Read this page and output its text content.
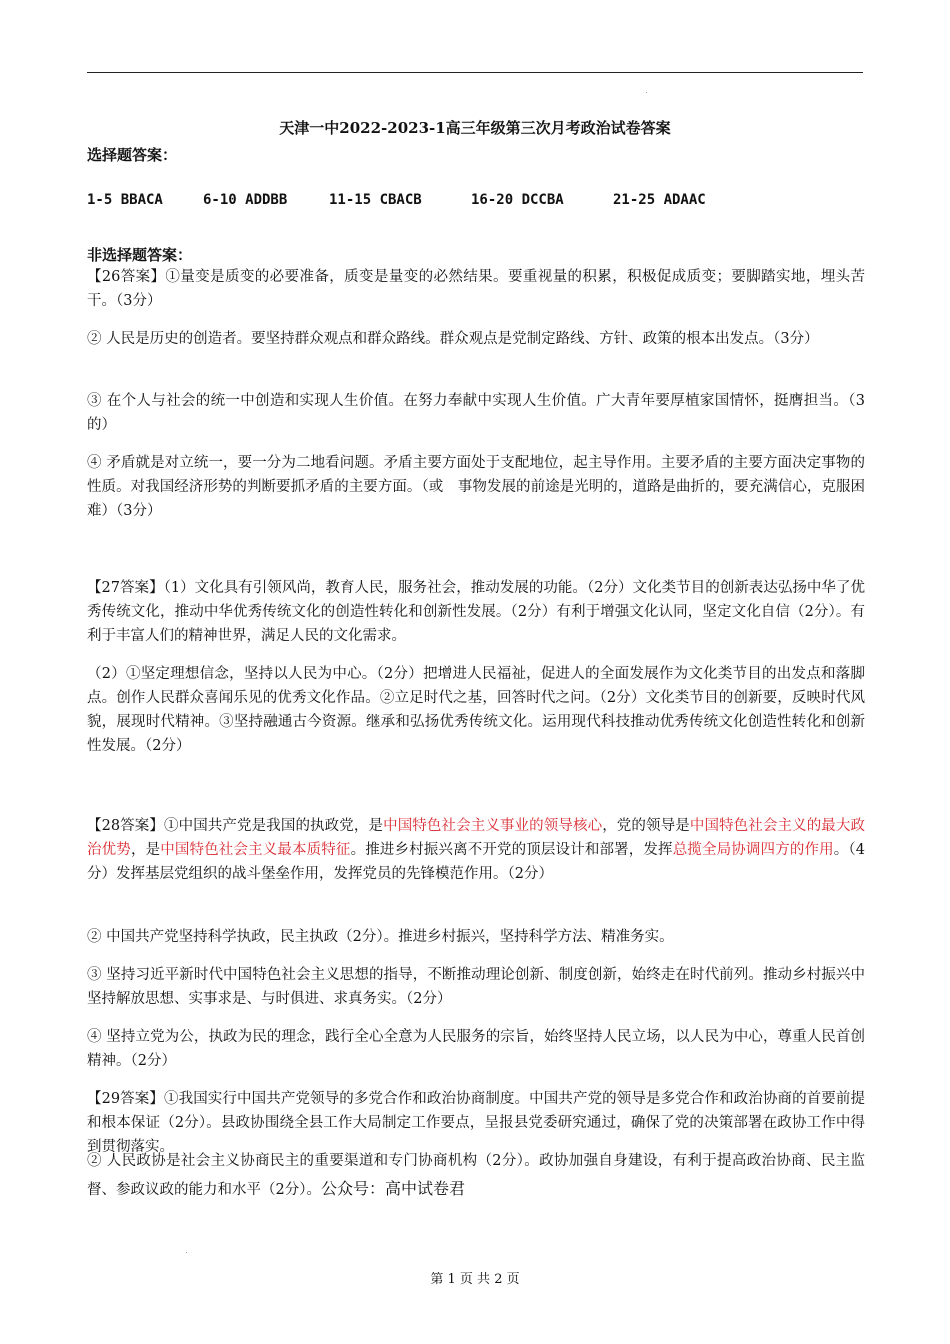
天津一中2022-2023-1高三年级第三次月考政治试卷答案
选择题答案：
1-5 BBACA	6-10 ADDBB	11-15 CBACB	16-20 DCCBA	21-25 ADAAC
非选择题答案：
【26答案】①量变是质变的必要准备，质变是量变的必然结果。要重视量的积累，积极促成质变；要脚踏实地，埋头苦干。（3分）
② 人民是历史的创造者。要坚持群众观点和群众路线。群众观点是党制定路线、方针、政策的根本出发点。（3分）
③ 在个人与社会的统一中创造和实现人生价值。在努力奉献中实现人生价值。广大青年要厚植家国情怀，挺膺担当。（3的）
④ 矛盾就是对立统一，要一分为二地看问题。矛盾主要方面处于支配地位，起主导作用。主要矛盾的主要方面决定事物的性质。对我国经济形势的判断要抓矛盾的主要方面。（或　事物发展的前途是光明的，道路是曲折的，要充满信心，克服困难）（3分）
【27答案】（1）文化具有引领风尚，教育人民，服务社会，推动发展的功能。（2分）文化类节目的创新表达弘扬中华了优秀传统文化，推动中华优秀传统文化的创造性转化和创新性发展。（2分）有利于增强文化认同，坚定文化自信（2分）。有利于丰富人们的精神世界，满足人民的文化需求。
（2）①坚定理想信念，坚持以人民为中心。（2分）把增进人民福祉，促进人的全面发展作为文化类节目的出发点和落脚点。创作人民群众喜闻乐见的优秀文化作品。②立足时代之基，回答时代之问。（2分）文化类节目的创新要，反映时代风貌，展现时代精神。③坚持融通古今资源。继承和弘扬优秀传统文化。运用现代科技推动优秀传统文化创造性转化和创新性发展。（2分）
【28答案】①中国共产党是我国的执政党，是中国特色社会主义事业的领导核心，党的领导是中国特色社会主义的最大政治优势，是中国特色社会主义最本质特征。推进乡村振兴离不开党的顶层设计和部署，发挥总揽全局协调四方的作用。（4分）发挥基层党组织的战斗堡垒作用，发挥党员的先锋模范作用。（2分）
② 中国共产党坚持科学执政，民主执政（2分）。推进乡村振兴，坚持科学方法、精准务实。
③ 坚持习近平新时代中国特色社会主义思想的指导，不断推动理论创新、制度创新，始终走在时代前列。推动乡村振兴中坚持解放思想、实事求是、与时俱进、求真务实。（2分）
④ 坚持立党为公，执政为民的理念，践行全心全意为人民服务的宗旨，始终坚持人民立场，以人民为中心，尊重人民首创精神。（2分）
【29答案】①我国实行中国共产党领导的多党合作和政治协商制度。中国共产党的领导是多党合作和政治协商的首要前提和根本保证（2分）。县政协围绕全县工作大局制定工作要点，呈报县党委研究通过，确保了党的决策部署在政协工作中得到贯彻落实。
② 人民政协是社会主义协商民主的重要渠道和专门协商机构（2分）。政协加强自身建设，有利于提高政治协商、民主监督、参政议政的能力和水平（2分）。公众号：高中试卷君
第 1 页 共 2 页
